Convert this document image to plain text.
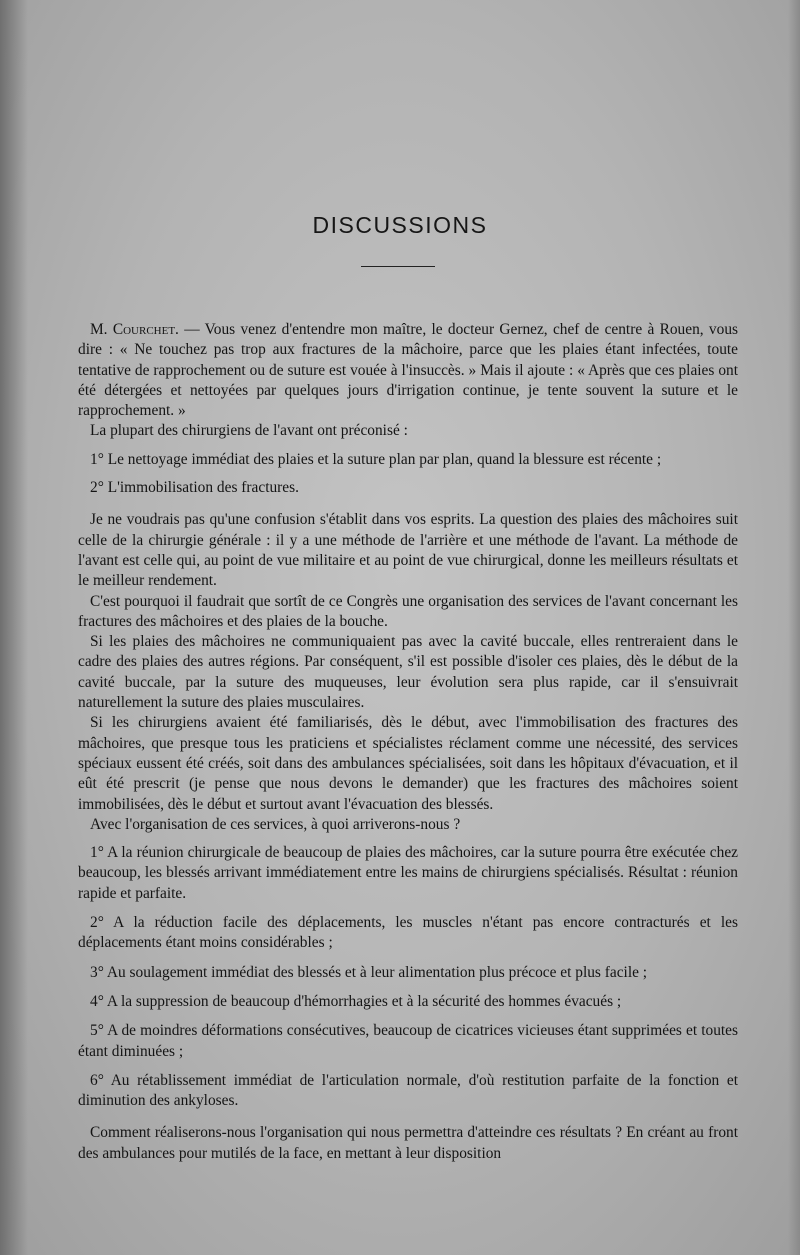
DISCUSSIONS

M. Courchet. — Vous venez d'entendre mon maître, le docteur Gernez, chef de centre à Rouen, vous dire : « Ne touchez pas trop aux fractures de la mâchoire, parce que les plaies étant infectées, toute tentative de rapprochement ou de suture est vouée à l'insuccès. » Mais il ajoute : « Après que ces plaies ont été détergées et nettoyées par quelques jours d'irrigation continue, je tente souvent la suture et le rapprochement. »

La plupart des chirurgiens de l'avant ont préconisé :

1° Le nettoyage immédiat des plaies et la suture plan par plan, quand la blessure est récente ;

2° L'immobilisation des fractures.

Je ne voudrais pas qu'une confusion s'établit dans vos esprits. La question des plaies des mâchoires suit celle de la chirurgie générale : il y a une méthode de l'arrière et une méthode de l'avant. La méthode de l'avant est celle qui, au point de vue militaire et au point de vue chirurgical, donne les meilleurs résultats et le meilleur rendement.

C'est pourquoi il faudrait que sortît de ce Congrès une organisation des services de l'avant concernant les fractures des mâchoires et des plaies de la bouche.

Si les plaies des mâchoires ne communiquaient pas avec la cavité buccale, elles rentreraient dans le cadre des plaies des autres régions. Par conséquent, s'il est possible d'isoler ces plaies, dès le début de la cavité buccale, par la suture des muqueuses, leur évolution sera plus rapide, car il s'ensuivrait naturellement la suture des plaies musculaires.

Si les chirurgiens avaient été familiarisés, dès le début, avec l'immobilisation des fractures des mâchoires, que presque tous les praticiens et spécialistes réclament comme une nécessité, des services spéciaux eussent été créés, soit dans des ambulances spécialisées, soit dans les hôpitaux d'évacuation, et il eût été prescrit (je pense que nous devons le demander) que les fractures des mâchoires soient immobilisées, dès le début et surtout avant l'évacuation des blessés.

Avec l'organisation de ces services, à quoi arriverons-nous ?

1° A la réunion chirurgicale de beaucoup de plaies des mâchoires, car la suture pourra être exécutée chez beaucoup, les blessés arrivant immédiatement entre les mains de chirurgiens spécialisés. Résultat : réunion rapide et parfaite.

2° A la réduction facile des déplacements, les muscles n'étant pas encore contracturés et les déplacements étant moins considérables ;

3° Au soulagement immédiat des blessés et à leur alimentation plus précoce et plus facile ;

4° A la suppression de beaucoup d'hémorrhagies et à la sécurité des hommes évacués ;

5° A de moindres déformations consécutives, beaucoup de cicatrices vicieuses étant supprimées et toutes étant diminuées ;

6° Au rétablissement immédiat de l'articulation normale, d'où restitution parfaite de la fonction et diminution des ankyloses.

Comment réaliserons-nous l'organisation qui nous permettra d'atteindre ces résultats ? En créant au front des ambulances pour mutilés de la face, en mettant à leur disposition
